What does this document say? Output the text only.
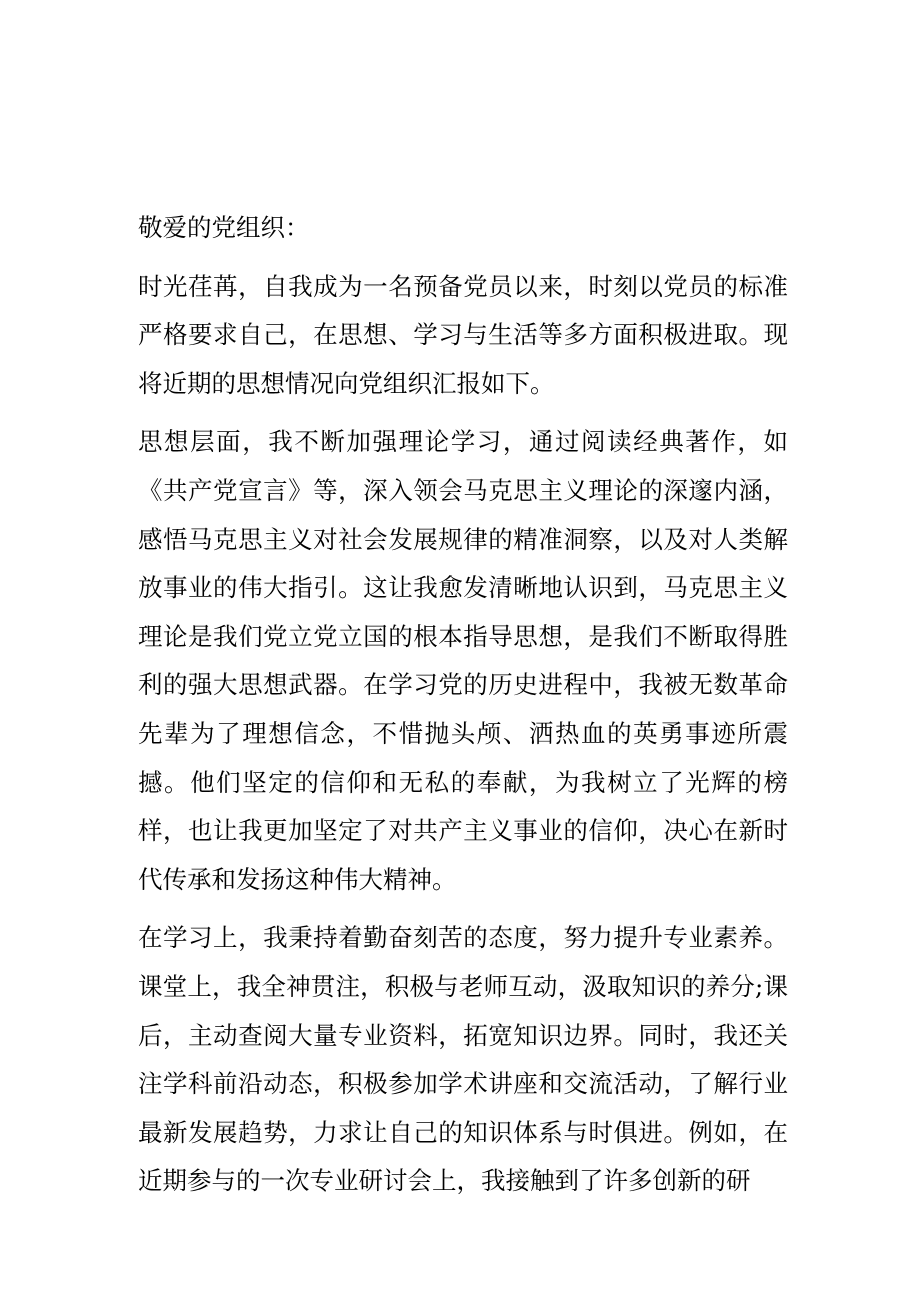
敬爱的党组织：

时光荏苒，自我成为一名预备党员以来，时刻以党员的标准严格要求自己，在思想、学习与生活等多方面积极进取。现将近期的思想情况向党组织汇报如下。

思想层面，我不断加强理论学习，通过阅读经典著作，如《共产党宣言》等，深入领会马克思主义理论的深邃内涵，感悟马克思主义对社会发展规律的精准洞察，以及对人类解放事业的伟大指引。这让我愈发清晰地认识到，马克思主义理论是我们党立党立国的根本指导思想，是我们不断取得胜利的强大思想武器。在学习党的历史进程中，我被无数革命先辈为了理想信念，不惜抛头颅、洒热血的英勇事迹所震撼。他们坚定的信仰和无私的奉献，为我树立了光辉的榜样，也让我更加坚定了对共产主义事业的信仰，决心在新时代传承和发扬这种伟大精神。

在学习上，我秉持着勤奋刻苦的态度，努力提升专业素养。课堂上，我全神贯注，积极与老师互动，汲取知识的养分;课后，主动查阅大量专业资料，拓宽知识边界。同时，我还关注学科前沿动态，积极参加学术讲座和交流活动，了解行业最新发展趋势，力求让自己的知识体系与时俱进。例如，在近期参与的一次专业研讨会上，我接触到了许多创新的研
